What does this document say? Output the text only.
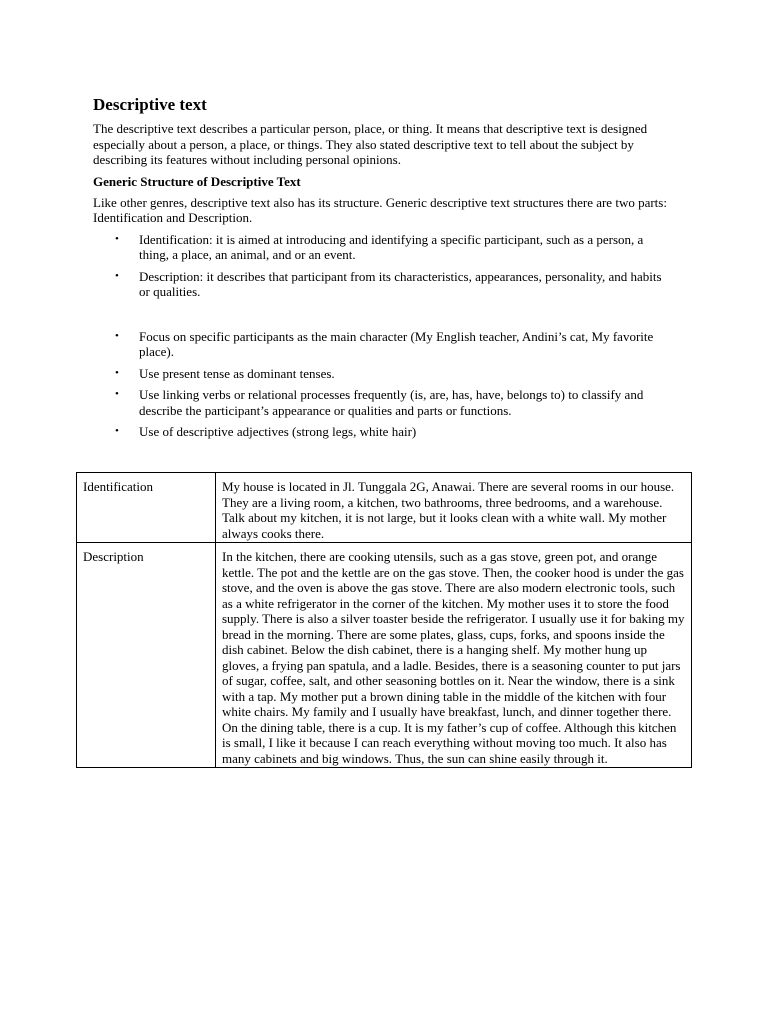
Descriptive text

The descriptive text describes a particular person, place, or thing. It means that descriptive text is designed especially about a person, a place, or things. They also stated descriptive text to tell about the subject by describing its features without including personal opinions.

Generic Structure of Descriptive Text

Like other genres, descriptive text also has its structure. Generic descriptive text structures there are two parts: Identification and Description.

• Identification: it is aimed at introducing and identifying a specific participant, such as a person, a thing, a place, an animal, and or an event.
• Description: it describes that participant from its characteristics, appearances, personality, and habits or qualities.
• Focus on specific participants as the main character (My English teacher, Andini’s cat, My favorite place).
• Use present tense as dominant tenses.
• Use linking verbs or relational processes frequently (is, are, has, have, belongs to) to classify and describe the participant’s appearance or qualities and parts or functions.
• Use of descriptive adjectives (strong legs, white hair)
Identification	My house is located in Jl. Tunggala 2G, Anawai. There are several rooms in our house. They are a living room, a kitchen, two bathrooms, three bedrooms, and a warehouse. Talk about my kitchen, it is not large, but it looks clean with a white wall. My mother always cooks there.
Description	In the kitchen, there are cooking utensils, such as a gas stove, green pot, and orange kettle. The pot and the kettle are on the gas stove. Then, the cooker hood is under the gas stove, and the oven is above the gas stove. There are also modern electronic tools, such as a white refrigerator in the corner of the kitchen. My mother uses it to store the food supply. There is also a silver toaster beside the refrigerator. I usually use it for baking my bread in the morning. There are some plates, glass, cups, forks, and spoons inside the dish cabinet. Below the dish cabinet, there is a hanging shelf. My mother hung up gloves, a frying pan spatula, and a ladle. Besides, there is a seasoning counter to put jars of sugar, coffee, salt, and other seasoning bottles on it. Near the window, there is a sink with a tap. My mother put a brown dining table in the middle of the kitchen with four white chairs. My family and I usually have breakfast, lunch, and dinner together there. On the dining table, there is a cup. It is my father’s cup of coffee. Although this kitchen is small, I like it because I can reach everything without moving too much. It also has many cabinets and big windows. Thus, the sun can shine easily through it.
